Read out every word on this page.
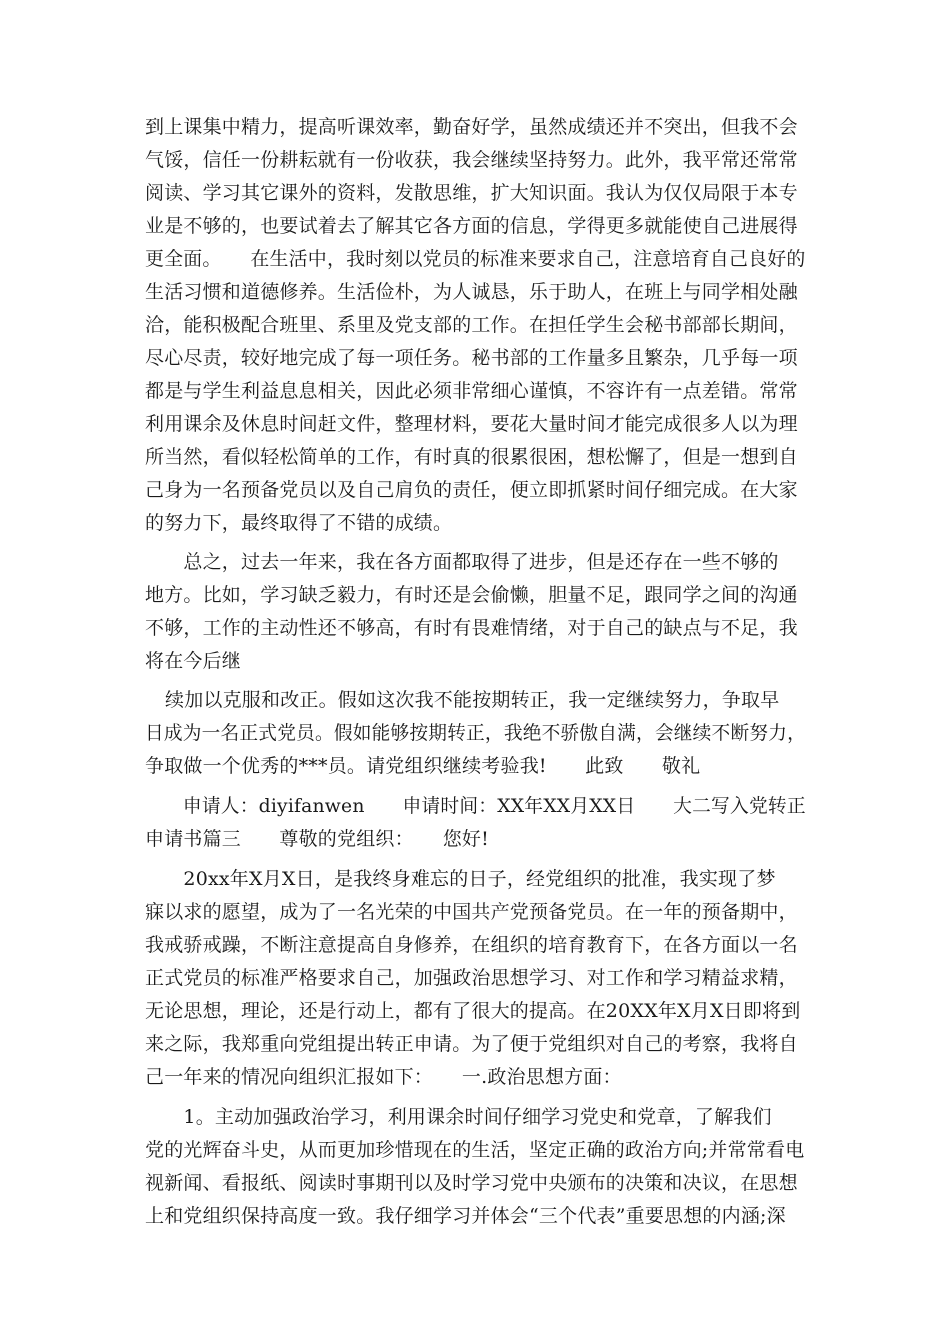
到上课集中精力，提高听课效率，勤奋好学，虽然成绩还并不突出，但我不会

气馁，信任一份耕耘就有一份收获，我会继续坚持努力。此外，我平常还常常

阅读、学习其它课外的资料，发散思维，扩大知识面。我认为仅仅局限于本专

业是不够的，也要试着去了解其它各方面的信息，学得更多就能使自己进展得

更全面。　　在生活中，我时刻以党员的标准来要求自己，注意培育自己良好的

生活习惯和道德修养。生活俭朴，为人诚恳，乐于助人，在班上与同学相处融

洽，能积极配合班里、系里及党支部的工作。在担任学生会秘书部部长期间，

尽心尽责，较好地完成了每一项任务。秘书部的工作量多且繁杂，几乎每一项

都是与学生利益息息相关，因此必须非常细心谨慎，不容许有一点差错。常常

利用课余及休息时间赶文件，整理材料，要花大量时间才能完成很多人以为理

所当然，看似轻松简单的工作，有时真的很累很困，想松懈了，但是一想到自

己身为一名预备党员以及自己肩负的责任，便立即抓紧时间仔细完成。在大家

的努力下，最终取得了不错的成绩。

　　总之，过去一年来，我在各方面都取得了进步，但是还存在一些不够的

地方。比如，学习缺乏毅力，有时还是会偷懒，胆量不足，跟同学之间的沟通

不够，工作的主动性还不够高，有时有畏难情绪，对于自己的缺点与不足，我

将在今后继

续加以克服和改正。假如这次我不能按期转正，我一定继续努力，争取早

日成为一名正式党员。假如能够按期转正，我绝不骄傲自满，会继续不断努力，

争取做一个优秀的***员。请党组织继续考验我!　　此致　　敬礼

　　申请人：diyifanwen　　申请时间：XX年XX月XX日　　大二写入党转正

申请书篇三　　尊敬的党组织：　　您好!

　　20xx年X月X日，是我终身难忘的日子，经党组织的批准，我实现了梦

寐以求的愿望，成为了一名光荣的中国共产党预备党员。在一年的预备期中，

我戒骄戒躁，不断注意提高自身修养，在组织的培育教育下，在各方面以一名

正式党员的标准严格要求自己，加强政治思想学习、对工作和学习精益求精，

无论思想，理论，还是行动上，都有了很大的提高。在20XX年X月X日即将到

来之际，我郑重向党组提出转正申请。为了便于党组织对自己的考察，我将自

己一年来的情况向组织汇报如下：　　一.政治思想方面：

　　1。主动加强政治学习，利用课余时间仔细学习党史和党章，了解我们

党的光辉奋斗史，从而更加珍惜现在的生活，坚定正确的政治方向;并常常看电

视新闻、看报纸、阅读时事期刊以及时学习党中央颁布的决策和决议，在思想

上和党组织保持高度一致。我仔细学习并体会“三个代表”重要思想的内涵;深
